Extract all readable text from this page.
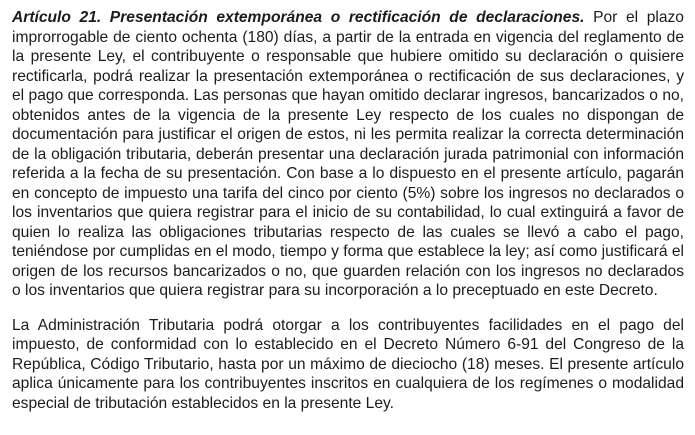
Artículo 21. Presentación extemporánea o rectificación de declaraciones. Por el plazo improrrogable de ciento ochenta (180) días, a partir de la entrada en vigencia del reglamento de la presente Ley, el contribuyente o responsable que hubiere omitido su declaración o quisiere rectificarla, podrá realizar la presentación extemporánea o rectificación de sus declaraciones, y el pago que corresponda. Las personas que hayan omitido declarar ingresos, bancarizados o no, obtenidos antes de la vigencia de la presente Ley respecto de los cuales no dispongan de documentación para justificar el origen de estos, ni les permita realizar la correcta determinación de la obligación tributaria, deberán presentar una declaración jurada patrimonial con información referida a la fecha de su presentación. Con base a lo dispuesto en el presente artículo, pagarán en concepto de impuesto una tarifa del cinco por ciento (5%) sobre los ingresos no declarados o los inventarios que quiera registrar para el inicio de su contabilidad, lo cual extinguirá a favor de quien lo realiza las obligaciones tributarias respecto de las cuales se llevó a cabo el pago, teniéndose por cumplidas en el modo, tiempo y forma que establece la ley; así como justificará el origen de los recursos bancarizados o no, que guarden relación con los ingresos no declarados o los inventarios que quiera registrar para su incorporación a lo preceptuado en este Decreto.

La Administración Tributaria podrá otorgar a los contribuyentes facilidades en el pago del impuesto, de conformidad con lo establecido en el Decreto Número 6-91 del Congreso de la República, Código Tributario, hasta por un máximo de dieciocho (18) meses. El presente artículo aplica únicamente para los contribuyentes inscritos en cualquiera de los regímenes o modalidad especial de tributación establecidos en la presente Ley.
